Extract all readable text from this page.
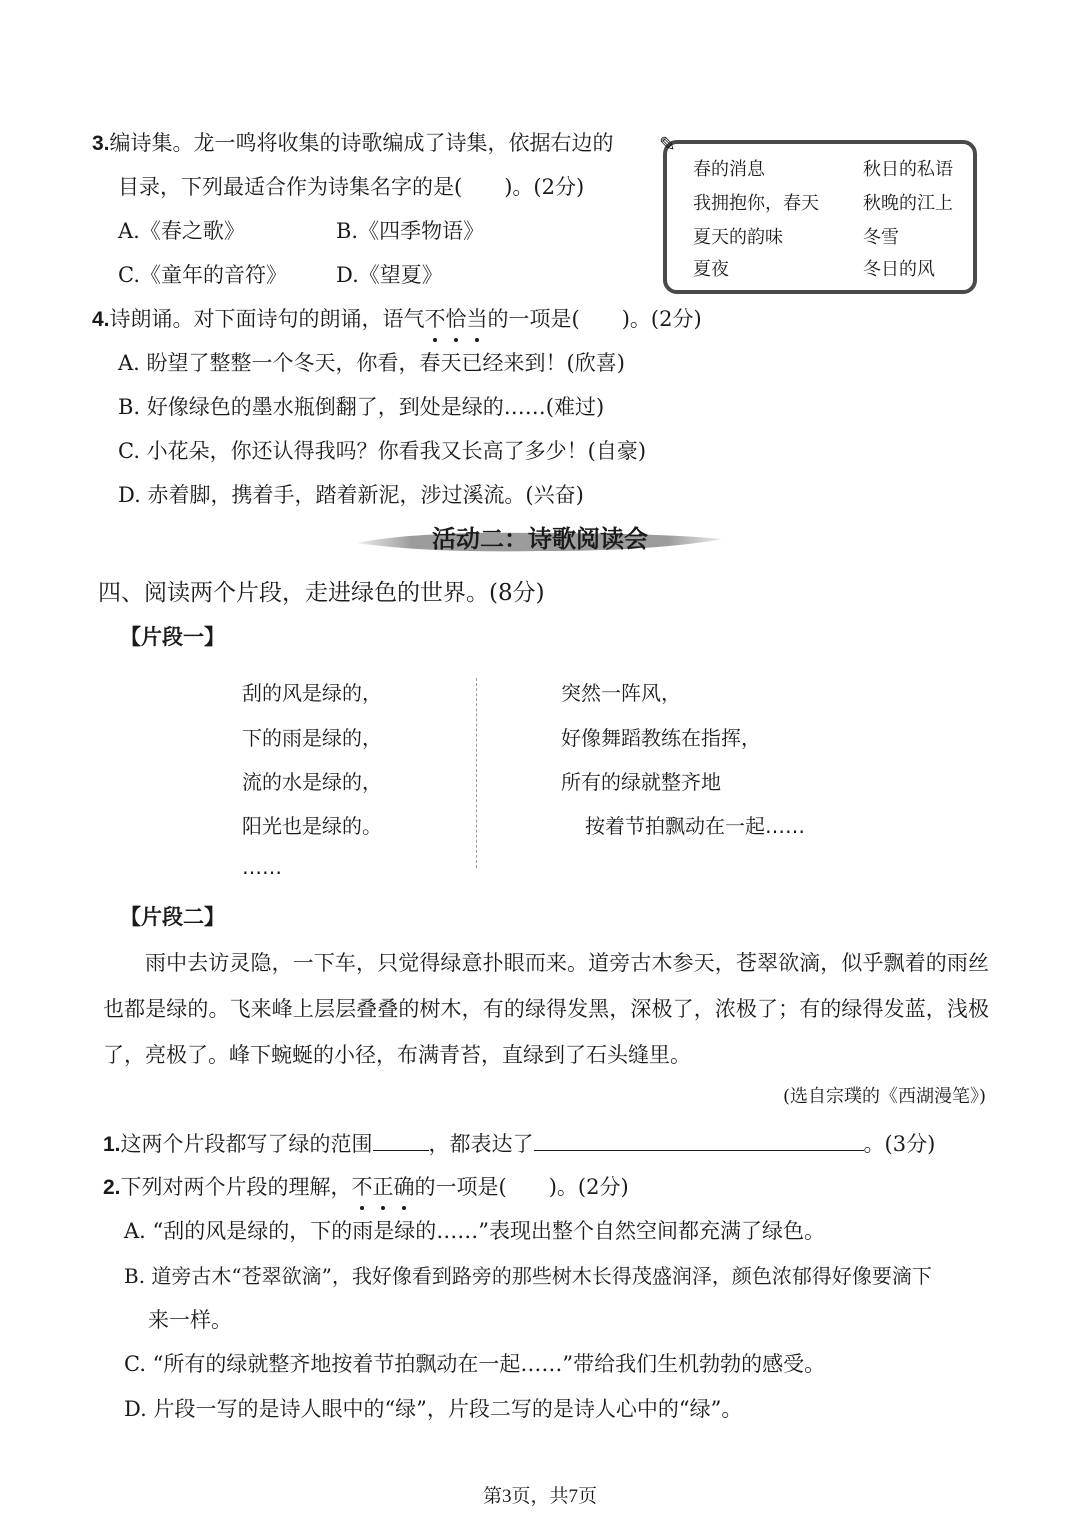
3.编诗集。龙一鸣将收集的诗歌编成了诗集，依据右边的
目录，下列最适合作为诗集名字的是(　　)。(2分)
A.《春之歌》	B.《四季物语》
C.《童年的音符》 D.《望夏》
✎
春的消息	秋日的私语
我拥抱你，春天 秋晚的江上
夏天的韵味	冬雪
夏夜	冬日的风
4.诗朗诵。对下面诗句的朗诵，语气不恰当的一项是(　　)。(2分)
A. 盼望了整整一个冬天，你看，春天已经来到！(欣喜)
B. 好像绿色的墨水瓶倒翻了，到处是绿的……(难过)
C. 小花朵，你还认得我吗？你看我又长高了多少！(自豪)
D. 赤着脚，携着手，踏着新泥，涉过溪流。(兴奋)
活动二：诗歌阅读会
四、阅读两个片段，走进绿色的世界。(8分)
【片段一】
刮的风是绿的，
下的雨是绿的，
流的水是绿的，
阳光也是绿的。
……
突然一阵风，
好像舞蹈教练在指挥，
所有的绿就整齐地
按着节拍飘动在一起……
【片段二】
雨中去访灵隐，一下车，只觉得绿意扑眼而来。道旁古木参天，苍翠欲滴，似乎飘着的雨丝也都是绿的。飞来峰上层层叠叠的树木，有的绿得发黑，深极了，浓极了；有的绿得发蓝，浅极了，亮极了。峰下蜿蜒的小径，布满青苔，直绿到了石头缝里。
(选自宗璞的《西湖漫笔》)
1.这两个片段都写了绿的范围	，都表达了	。(3分)
2.下列对两个片段的理解，不正确的一项是(　　)。(2分)
A. “刮的风是绿的，下的雨是绿的……”表现出整个自然空间都充满了绿色。
B. 道旁古木“苍翠欲滴”，我好像看到路旁的那些树木长得茂盛润泽，颜色浓郁得好像要滴下
来一样。
C. “所有的绿就整齐地按着节拍飘动在一起……”带给我们生机勃勃的感受。
D. 片段一写的是诗人眼中的“绿”，片段二写的是诗人心中的“绿”。
第3页，共7页
